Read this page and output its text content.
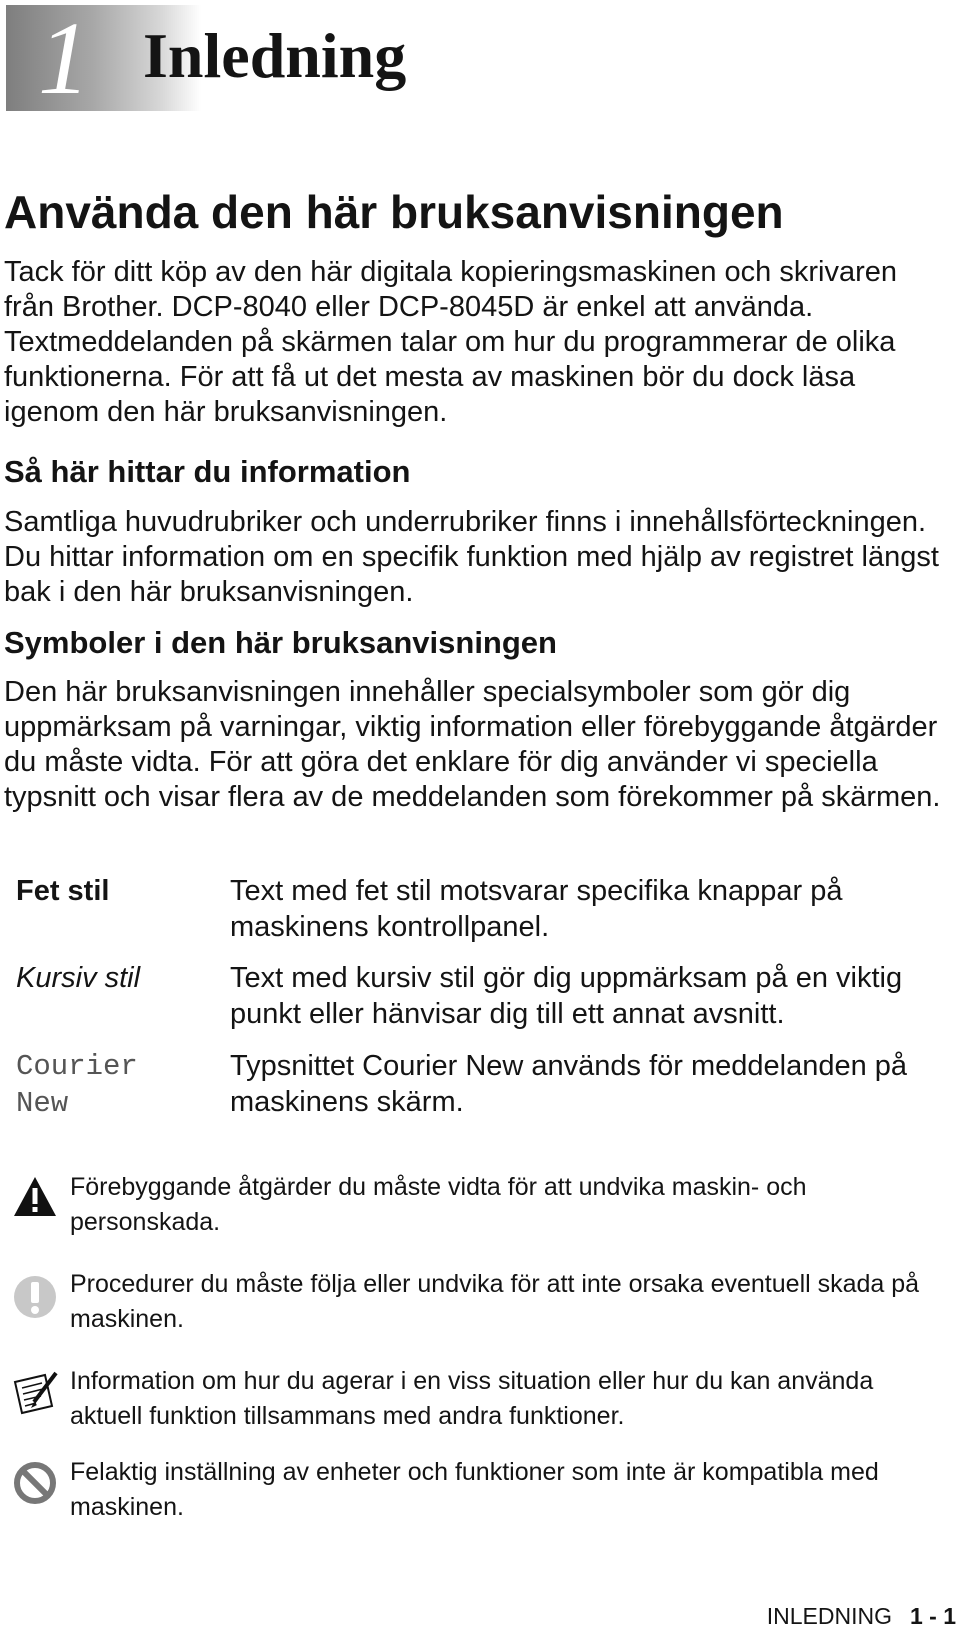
1 Inledning
Använda den här bruksanvisningen

Tack för ditt köp av den här digitala kopieringsmaskinen och skrivaren från Brother. DCP-8040 eller DCP-8045D är enkel att använda. Textmeddelanden på skärmen talar om hur du programmerar de olika funktionerna. För att få ut det mesta av maskinen bör du dock läsa igenom den här bruksanvisningen.

Så här hittar du information

Samtliga huvudrubriker och underrubriker finns i innehållsförteckningen. Du hittar information om en specifik funktion med hjälp av registret längst bak i den här bruksanvisningen.

Symboler i den här bruksanvisningen

Den här bruksanvisningen innehåller specialsymboler som gör dig uppmärksam på varningar, viktig information eller förebyggande åtgärder du måste vidta. För att göra det enklare för dig använder vi speciella typsnitt och visar flera av de meddelanden som förekommer på skärmen.

Fet stil	Text med fet stil motsvarar specifika knappar på maskinens kontrollpanel.
Kursiv stil	Text med kursiv stil gör dig uppmärksam på en viktig punkt eller hänvisar dig till ett annat avsnitt.
Courier New
Typsnittet Courier New används för meddelanden på maskinens skärm.
Förebyggande åtgärder du måste vidta för att undvika maskin- och personskada.
Procedurer du måste följa eller undvika för att inte orsaka eventuell skada på maskinen.
Information om hur du agerar i en viss situation eller hur du kan använda aktuell funktion tillsammans med andra funktioner.
Felaktig inställning av enheter och funktioner som inte är kompatibla med maskinen.
INLEDNING 1 - 1
